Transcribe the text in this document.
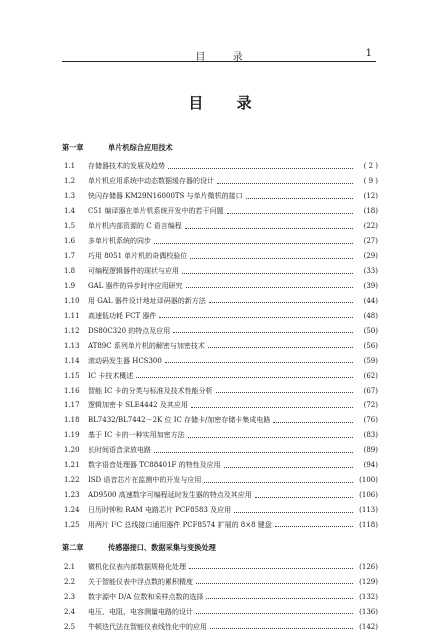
目 录	1
目 录
第一章	单片机综合应用技术
1.1	存储器技术的发展及趋势	( 2 )
1.2	单片机应用系统中动态数据缓存器的设计	( 9 )
1.3	快闪存储器 KM29N16000TS 与单片微机的接口	(12)
1.4	C51 编译器在单片机系统开发中的若干问题	(18)
1.5	单片机内部资源的 C 语言编程	(22)
1.6	多单片机系统的同步	(27)
1.7	巧用 8051 单片机的奇偶校验位	(29)
1.8	可编程逻辑器件的现状与应用	(33)
1.9	GAL 器件的异步时序应用研究	(39)
1.10	用 GAL 器件设计地址译码器的新方法	(44)
1.11	高速低功耗 FCT 器件	(48)
1.12	DS80C320 的特点及应用	(50)
1.13	AT89C 系列单片机的解密与加密技术	(56)
1.14	滚动码发生器 HCS300	(59)
1.15	IC 卡技术概述	(62)
1.16	智能 IC 卡的分类与标准及技术性能分析	(67)
1.17	逻辑加密卡 SLE4442 及其应用	(72)
1.18	BL7432/BL7442－2K 位 IC 存储卡/加密存储卡集成电路	(76)
1.19	基于 IC 卡的一种实用加密方法	(83)
1.20	长时间语音录放电路	(89)
1.21	数字语音处理器 TC88401F 的特性及应用	(94)
1.22	ISD 语音芯片在监测中的开发与应用	(100)
1.23	AD9500 高速数字可编程延时发生器的特点及其应用	(106)
1.24	日历时钟和 RAM 电路芯片 PCF8583 及应用	(113)
1.25	用两片 I²C 总线接口通用器件 PCF8574 扩展的 8×8 键盘	(118)
第二章	传感器接口、数据采集与变换处理
2.1	微机化仪表内部数据规格化处理	(126)
2.2	关于智能仪表中浮点数的累积精度	(129)
2.3	数字源中 D/A 位数和采样点数的选择	(132)
2.4	电压、电阻、电容测量电路的设计	(136)
2.5	牛顿迭代法在智能仪表线性化中的应用	(142)
